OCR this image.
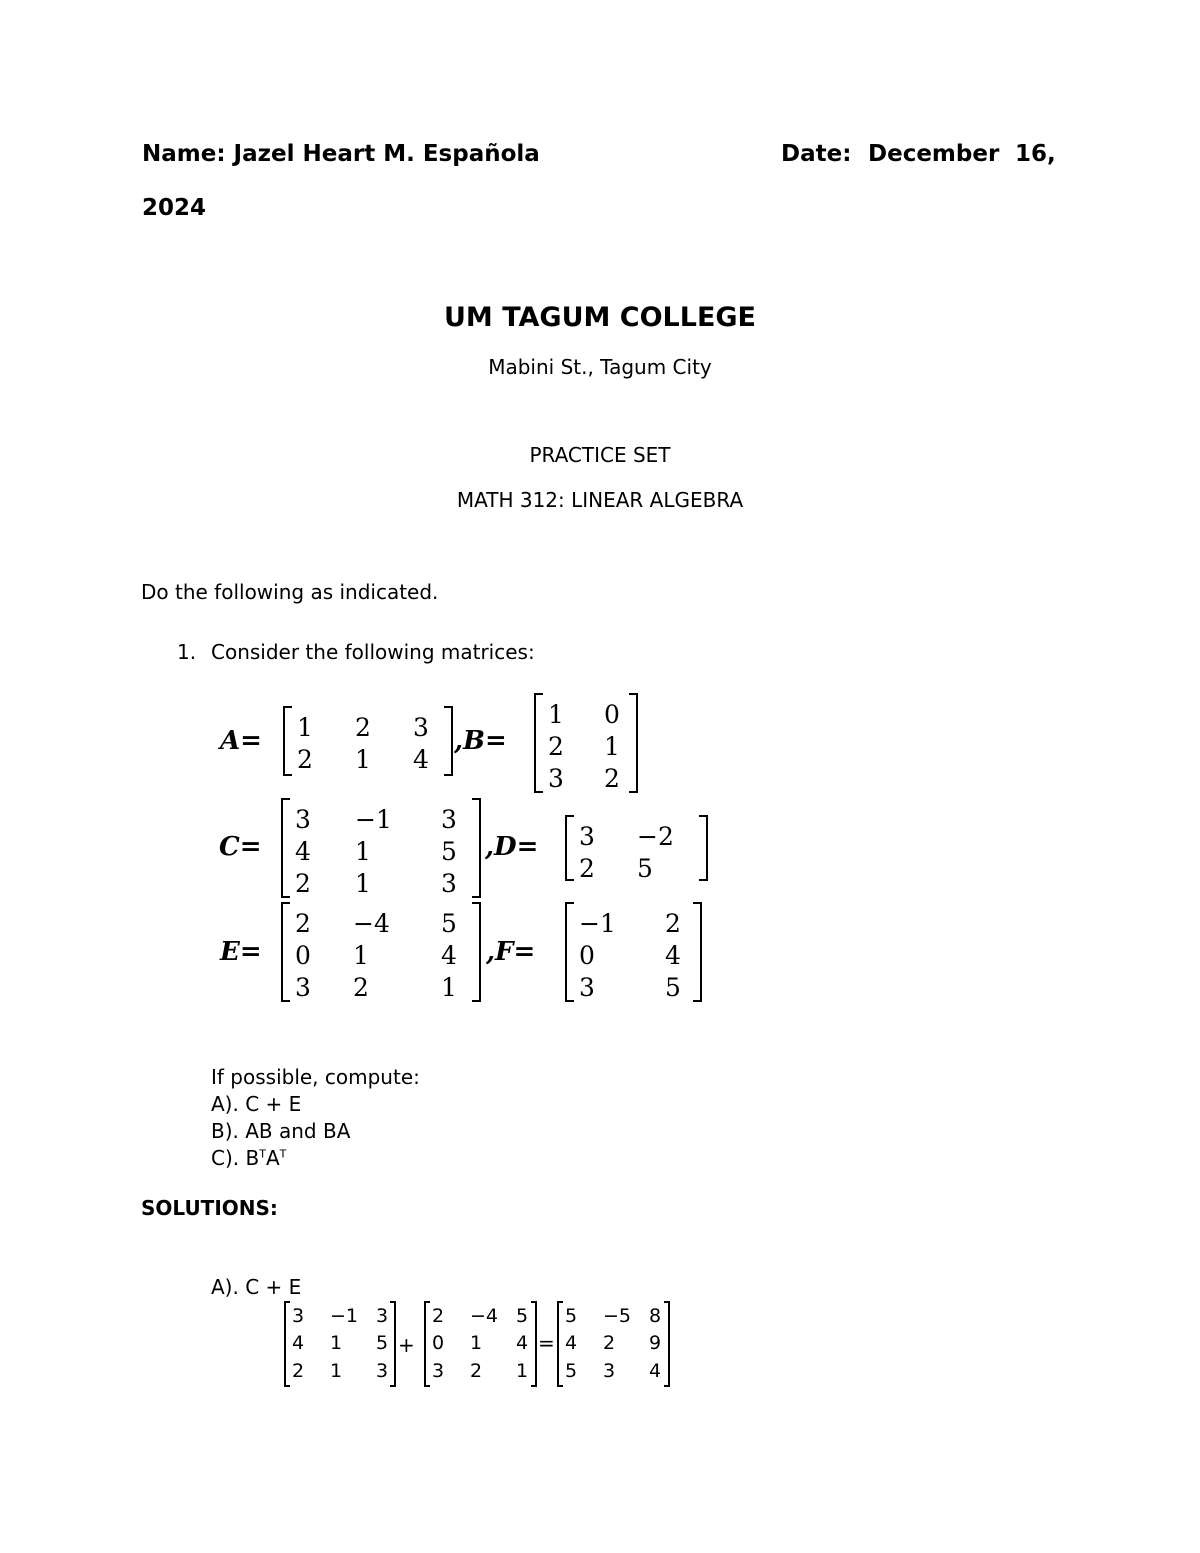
Name: Jazel Heart M. Española	Date: December 16,
2024
UM TAGUM COLLEGE
Mabini St., Tagum City
PRACTICE SET
MATH 312: LINEAR ALGEBRA
Do the following as indicated.
1. Consider the following matrices:
A= 1	2	3
2	1	4
,B=
1	0
2	1
3	2
C=
3	−1	3
4	1	5
2	1	3
,D= 3	−2
2	5
E=
2	−4	5
0	1	4
3	2	1
,F=
−1	2
0	4
3	5
If possible, compute:
A). C + E
B). AB and BA
C). $B^TA^T$
SOLUTIONS:
A). C + E
3	−1 3
4	1	5
2	1	3
+
2	−4 5
0	1	4
3	2	1
=
5	−5 8
4	2	9
5	3	4
